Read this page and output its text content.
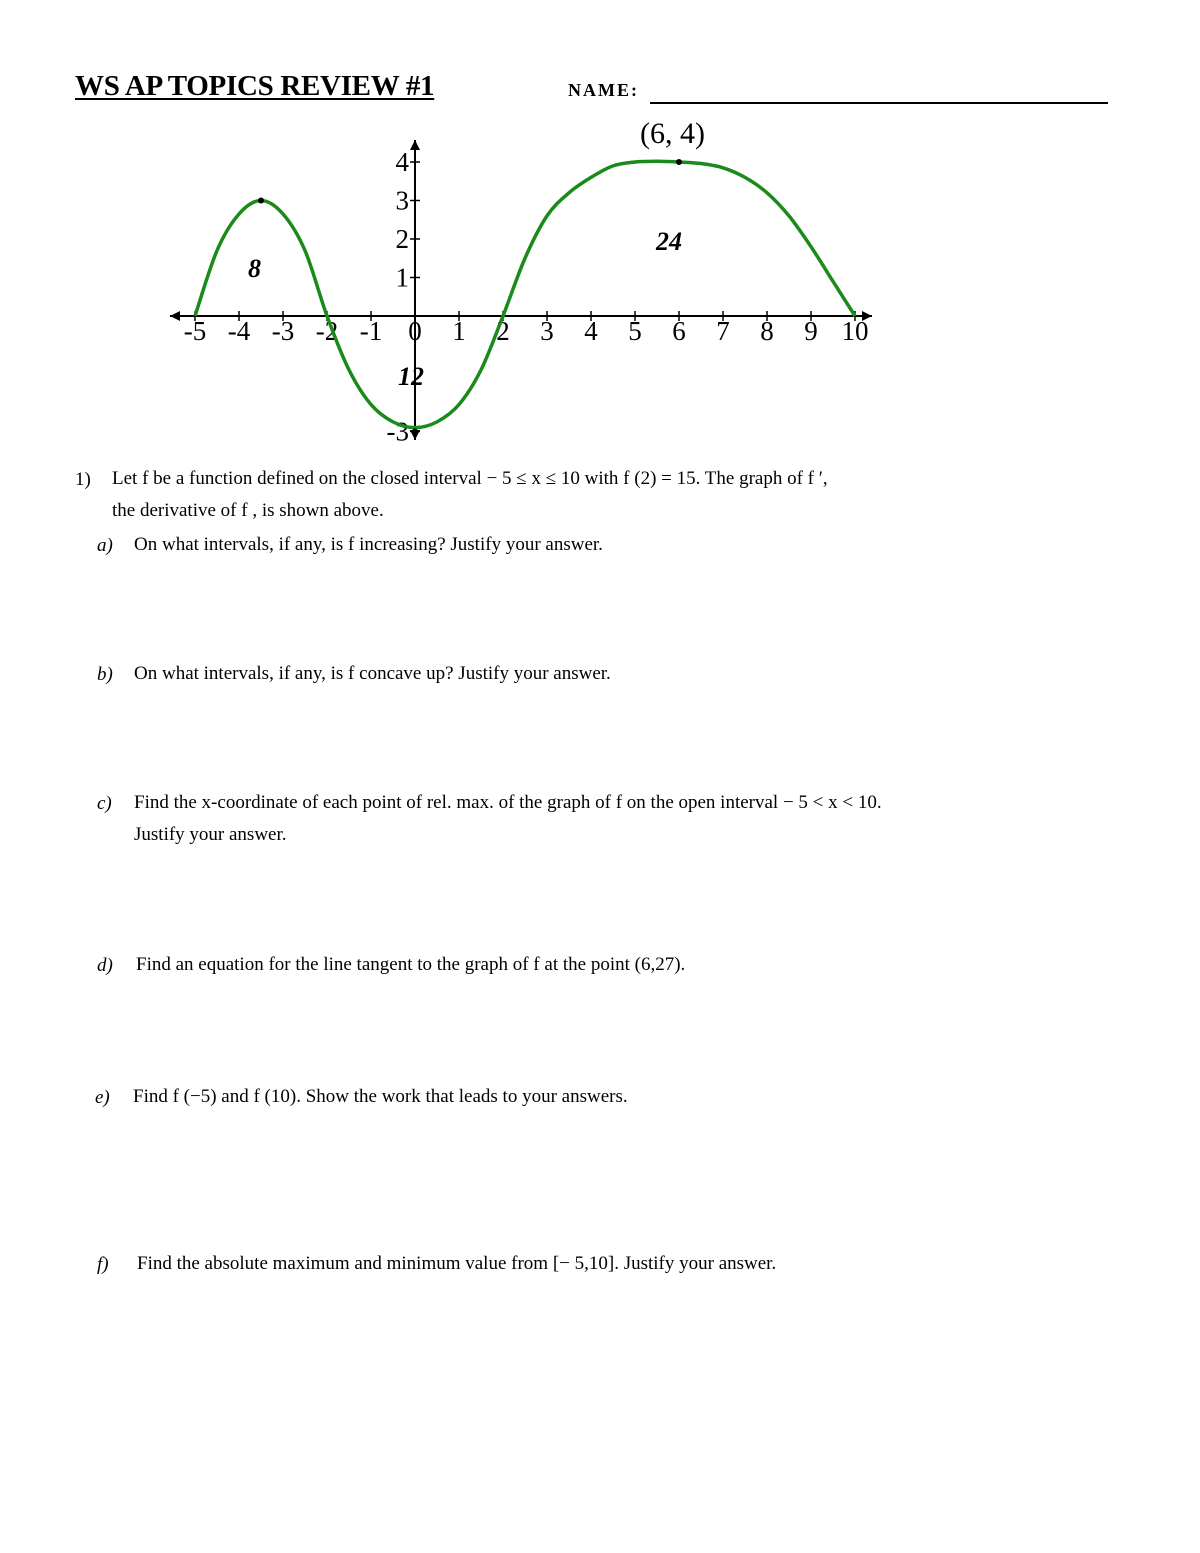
WS AP TOPICS REVIEW #1	NAME:
-5 -4 -3 -2 -1 0 1 2 3 4 5 6 7 8 9 10
4
3
2
1
-3
(6, 4)
8
12
24
1) Let f be a function defined on the closed interval − 5 ≤ x ≤ 10 with f (2) = 15. The graph of f ′,
the derivative of f , is shown above.
a) On what intervals, if any, is f increasing? Justify your answer.
b) On what intervals, if any, is f concave up? Justify your answer.
c) Find the x-coordinate of each point of rel. max. of the graph of f on the open interval − 5 < x < 10.
Justify your answer.
d) Find an equation for the line tangent to the graph of f at the point (6,27).
e) Find f (−5) and f (10). Show the work that leads to your answers.
f) Find the absolute maximum and minimum value from [− 5,10]. Justify your answer.
